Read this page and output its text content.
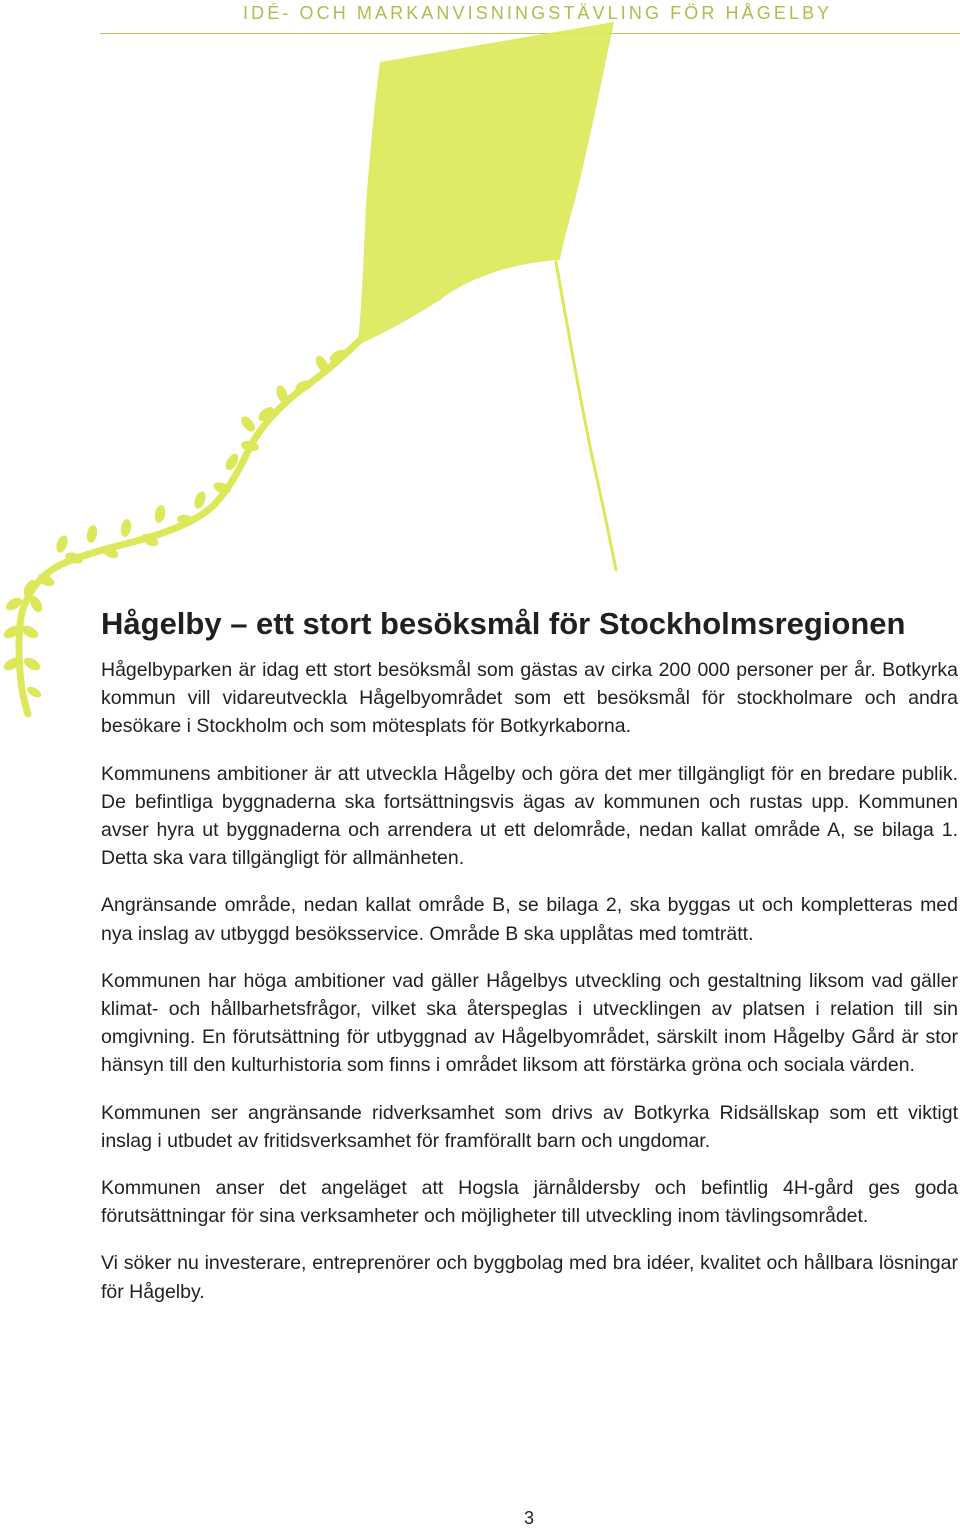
IDÉ- OCH MARKANVISNINGSTÄVLING FÖR HÅGELBY
Hågelby – ett stort besöksmål för Stockholmsregionen

Hågelbyparken är idag ett stort besöksmål som gästas av cirka 200 000 personer per år. Botkyrka kommun vill vidareutveckla Hågelbyområdet som ett besöksmål för stockholmare och andra besökare i Stockholm och som mötesplats för Botkyrkaborna.

Kommunens ambitioner är att utveckla Hågelby och göra det mer tillgängligt för en bredare publik. De befintliga byggnaderna ska fortsättningsvis ägas av kommunen och rustas upp. Kommunen avser hyra ut byggnaderna och arrendera ut ett delområde, nedan kallat område A, se bilaga 1. Detta ska vara tillgängligt för allmänheten.

Angränsande område, nedan kallat område B, se bilaga 2, ska byggas ut och kompletteras med nya inslag av utbyggd besöksservice. Område B ska upplåtas med tomträtt.

Kommunen har höga ambitioner vad gäller Hågelbys utveckling och gestaltning liksom vad gäller klimat- och hållbarhetsfrågor, vilket ska återspeglas i utvecklingen av platsen i relation till sin omgivning. En förutsättning för utbyggnad av Hågelbyområdet, särskilt inom Hågelby Gård är stor hänsyn till den kulturhistoria som finns i området liksom att förstärka gröna och sociala värden.

Kommunen ser angränsande ridverksamhet som drivs av Botkyrka Ridsällskap som ett viktigt inslag i utbudet av fritidsverksamhet för framförallt barn och ungdomar.

Kommunen anser det angeläget att Hogsla järnåldersby och befintlig 4H-gård ges goda förutsättningar för sina verksamheter och möjligheter till utveckling inom tävlingsområdet.

Vi söker nu investerare, entreprenörer och byggbolag med bra idéer, kvalitet och hållbara lösningar för Hågelby.

3
